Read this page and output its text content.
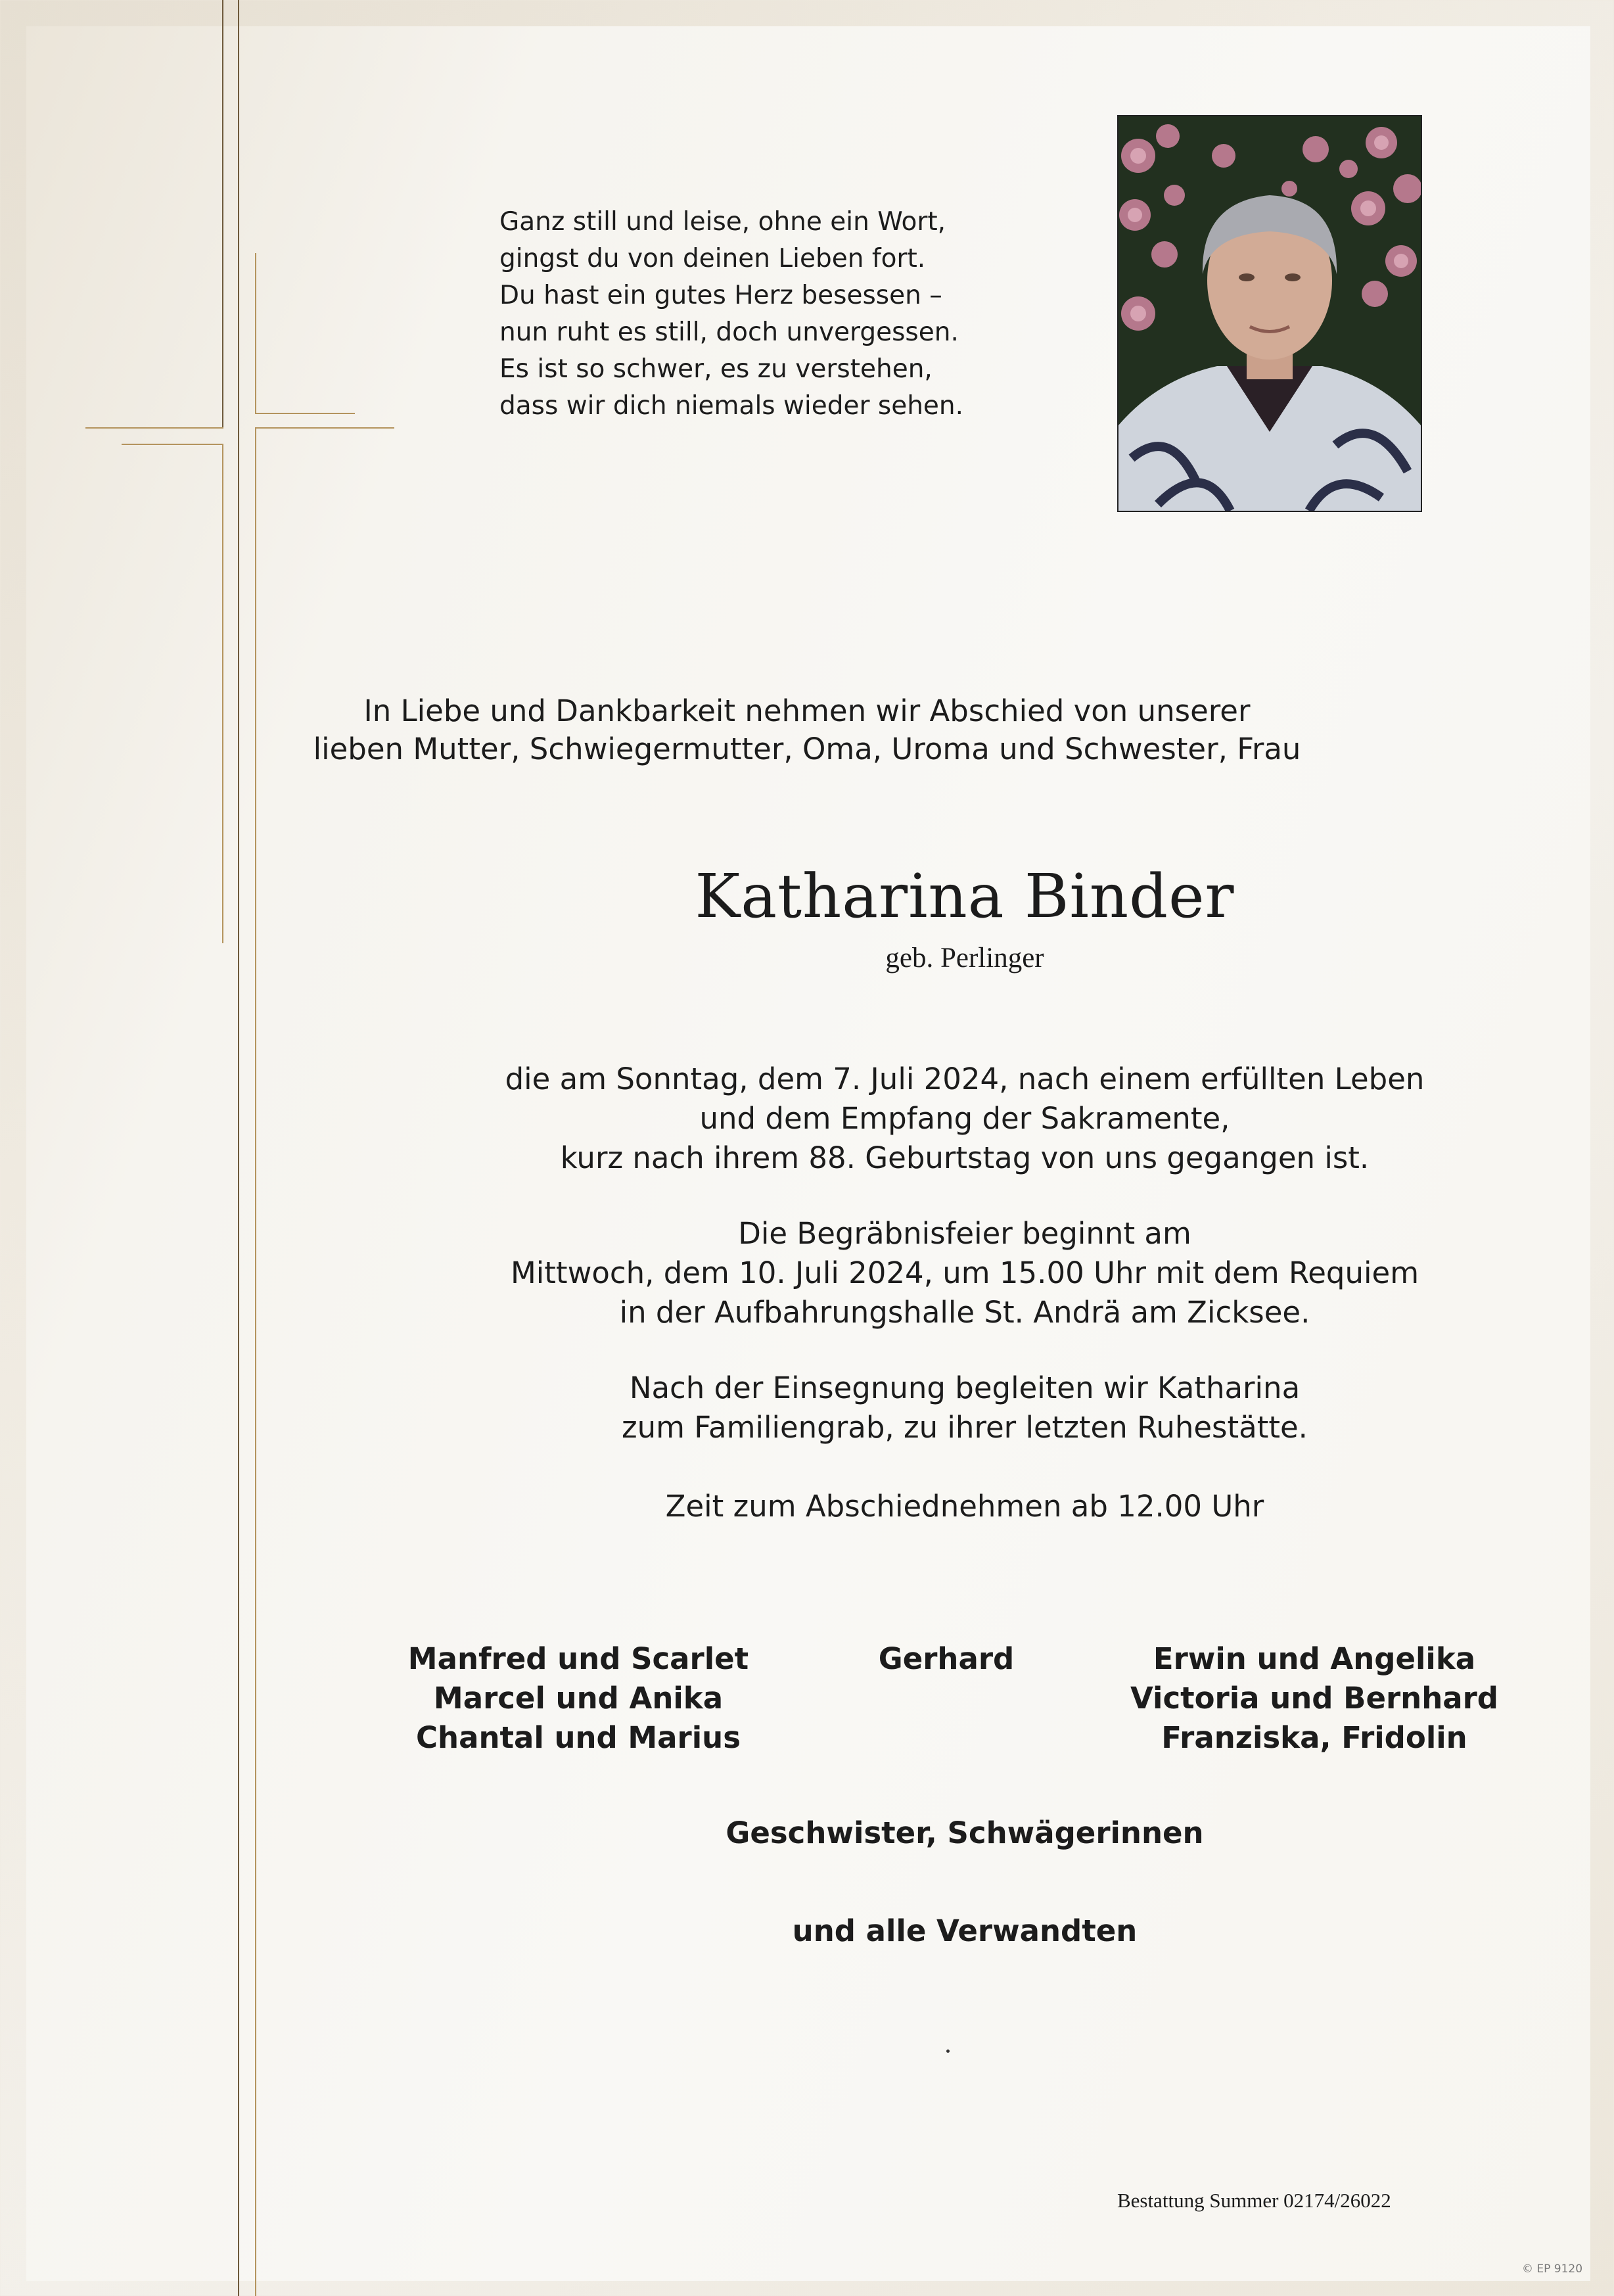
Ganz still und leise, ohne ein Wort,
gingst du von deinen Lieben fort.
Du hast ein gutes Herz besessen –
nun ruht es still, doch unvergessen.
Es ist so schwer, es zu verstehen,
dass wir dich niemals wieder sehen.
In Liebe und Dankbarkeit nehmen wir Abschied von unserer
lieben Mutter, Schwiegermutter, Oma, Uroma und Schwester, Frau
Katharina Binder
geb. Perlinger
die am Sonntag, dem 7. Juli 2024, nach einem erfüllten Leben
und dem Empfang der Sakramente,
kurz nach ihrem 88. Geburtstag von uns gegangen ist.
Die Begräbnisfeier beginnt am
Mittwoch, dem 10. Juli 2024, um 15.00 Uhr mit dem Requiem
in der Aufbahrungshalle St. Andrä am Zicksee.
Nach der Einsegnung begleiten wir Katharina
zum Familiengrab, zu ihrer letzten Ruhestätte.
Zeit zum Abschiednehmen ab 12.00 Uhr
Manfred und Scarlet
Marcel und Anika
Chantal und Marius
Gerhard	Erwin und Angelika
Victoria und Bernhard
Franziska, Fridolin
Geschwister, Schwägerinnen
und alle Verwandten
Bestattung Summer 02174/26022
© EP 9120
